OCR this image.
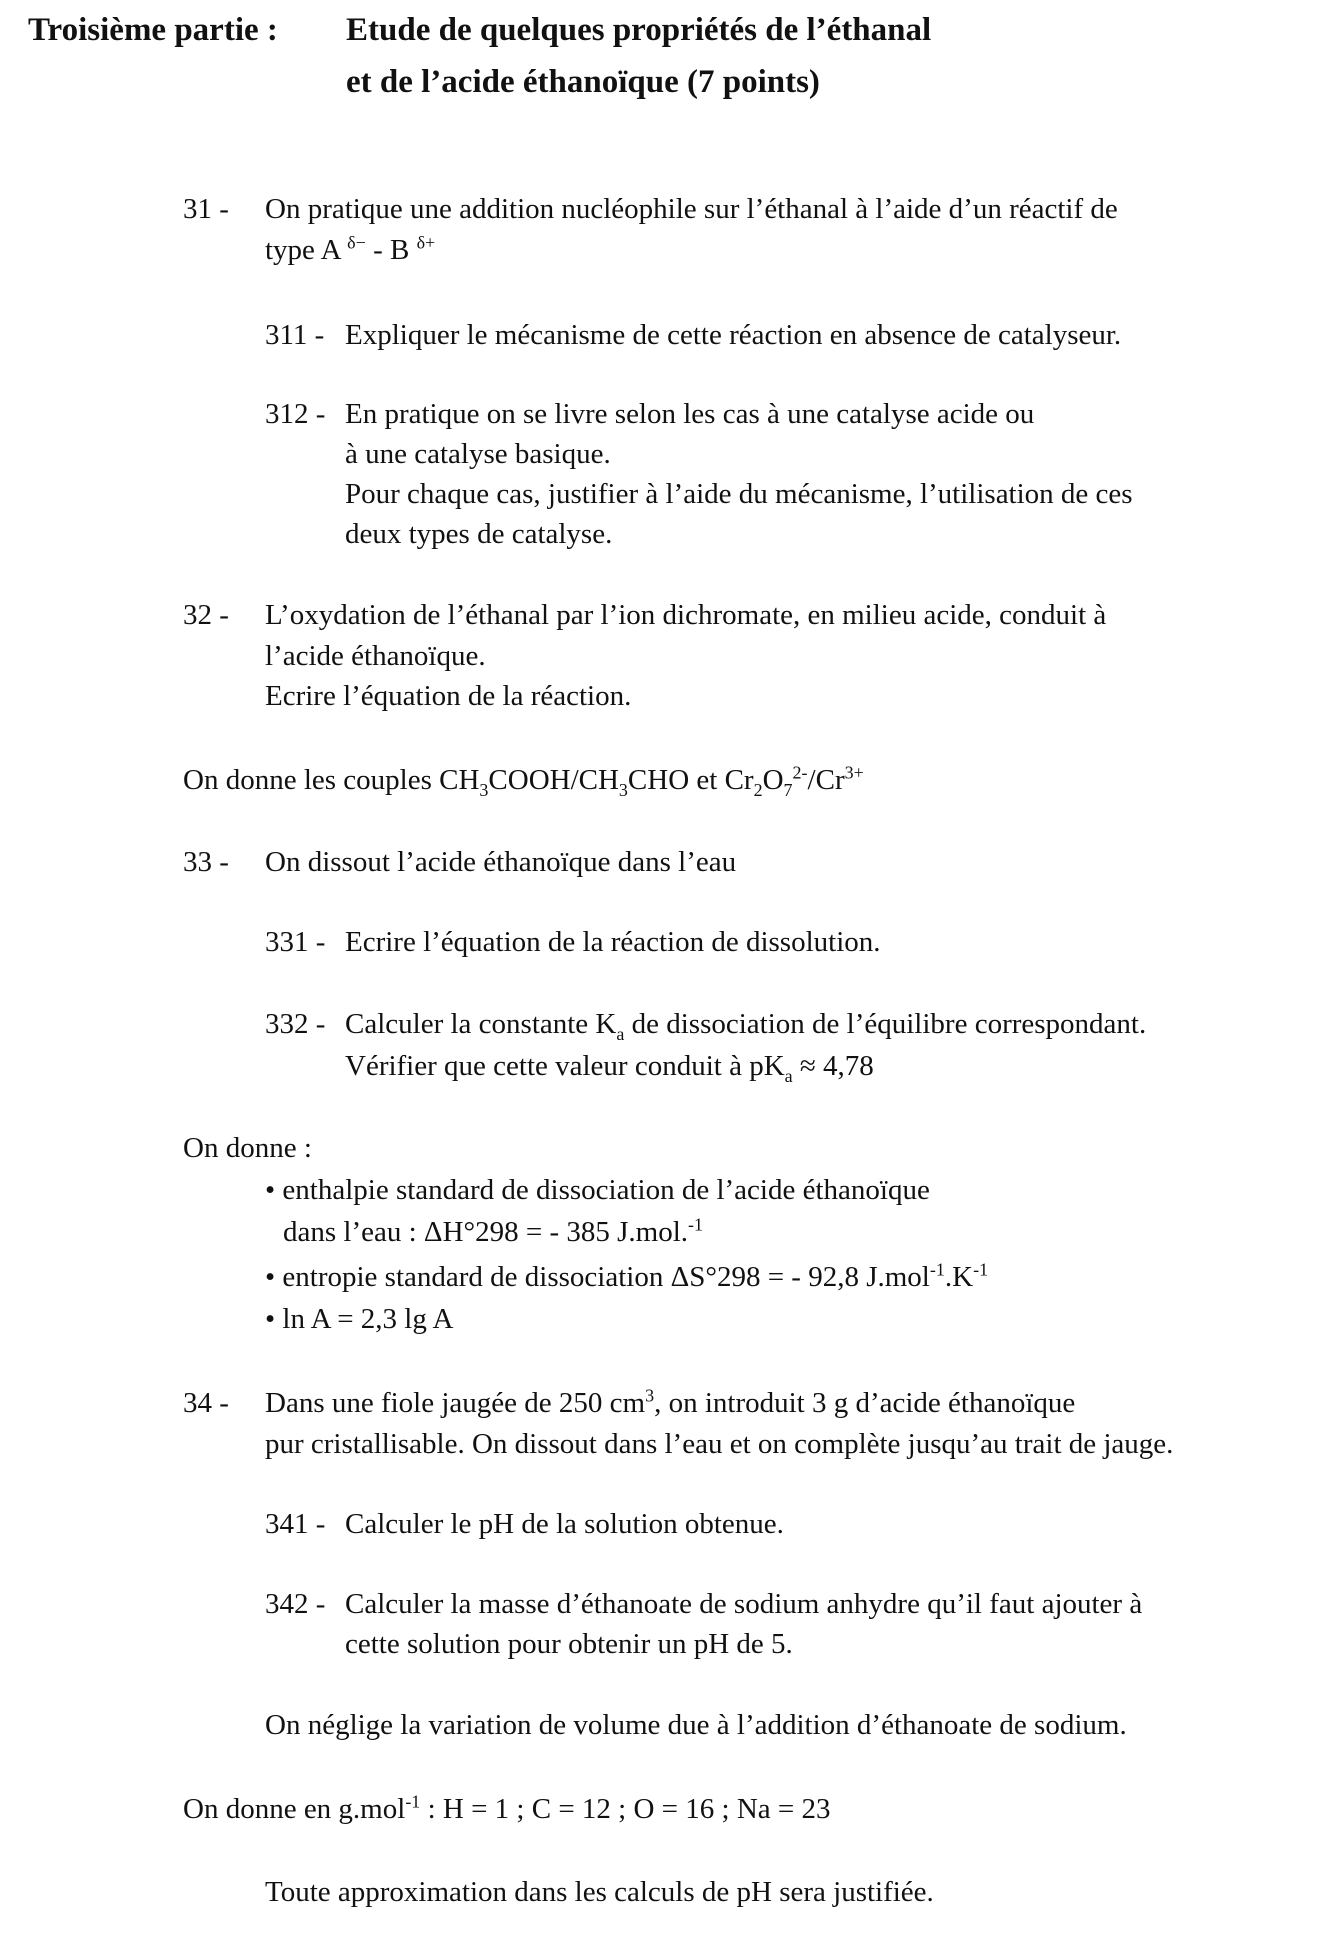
Troisième partie : Etude de quelques propriétés de l’éthanal
et de l’acide éthanoïque (7 points)
31 - On pratique une addition nucléophile sur l’éthanal à l’aide d’un réactif de
type A $^{\delta-}$ - B $^{\delta+}$
311 - Expliquer le mécanisme de cette réaction en absence de catalyseur.
312 - En pratique on se livre selon les cas à une catalyse acide ou
à une catalyse basique.
Pour chaque cas, justifier à l’aide du mécanisme, l’utilisation de ces
deux types de catalyse.
32 - L’oxydation de l’éthanal par l’ion dichromate, en milieu acide, conduit à
l’acide éthanoïque.
Ecrire l’équation de la réaction.
On donne les couples $CH_3COOH/CH_3CHO$ et $Cr_2O_7^{2-}/Cr^{3+}$
33 - On dissout l’acide éthanoïque dans l’eau
331 - Ecrire l’équation de la réaction de dissolution.
332 - Calculer la constante $K_a$ de dissociation de l’équilibre correspondant.
Vérifier que cette valeur conduit à $pK_a \approx 4,78$
On donne :
• enthalpie standard de dissociation de l’acide éthanoïque
dans l’eau : ΔH°298 = - 385 J.mol.$^{-1}$
• entropie standard de dissociation ΔS°298 = - 92,8 $J.mol^{-1}.K^{-1}$
• ln A = 2,3 lg A
34 - Dans une fiole jaugée de 250 $cm^3$, on introduit 3 g d’acide éthanoïque
pur cristallisable. On dissout dans l’eau et on complète jusqu’au trait de jauge.
341 - Calculer le pH de la solution obtenue.
342 - Calculer la masse d’éthanoate de sodium anhydre qu’il faut ajouter à
cette solution pour obtenir un pH de 5.
On néglige la variation de volume due à l’addition d’éthanoate de sodium.
On donne en g.mol$^{-1}$ : H = 1 ; C = 12 ; O = 16 ; Na = 23
Toute approximation dans les calculs de pH sera justifiée.
